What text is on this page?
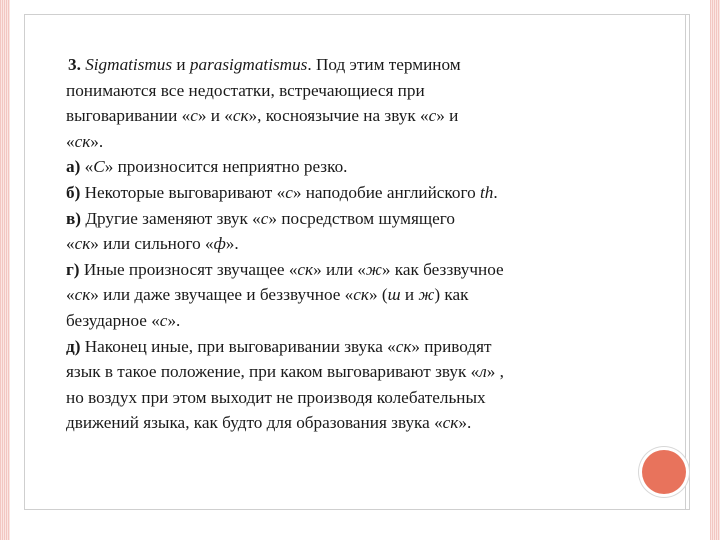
3. Sigmatismus и parasigmatismus. Под этим термином

понимаются все недостатки, встречающиеся при

выговаривании «с» и «ск», косноязычие на звук «с» и

«ск».

а) «С» произносится неприятно резко.

б) Некоторые выговаривают «с» наподобие английского th.

в) Другие заменяют звук «с» посредством шумящего

«ск» или сильного «ф».

г) Иные произносят звучащее «ск» или «ж» как беззвучное

«ск» или даже звучащее и беззвучное «ск» (ш и ж) как

безударное «с».

д) Наконец иные, при выговаривании звука «ск» приводят

язык в такое положение, при каком выговаривают звук «л» ,

но воздух при этом выходит не производя колебательных

движений языка, как будто для образования звука «ск».
